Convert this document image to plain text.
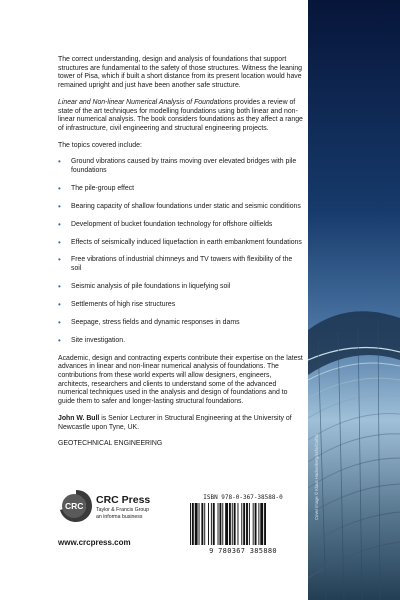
The correct understanding, design and analysis of foundations that support structures are fundamental to the safety of those structures. Witness the leaning tower of Pisa, which if built a short distance from its present location would have remained upright and just have been another safe structure.

Linear and Non-linear Numerical Analysis of Foundations provides a review of state of the art techniques for modelling foundations using both linear and non-linear numerical analysis. The book considers foundations as they affect a range of infrastructure, civil engineering and structural engineering projects.

The topics covered include:

• Ground vibrations caused by trains moving over elevated bridges with pile foundations
• The pile-group effect
• Bearing capacity of shallow foundations under static and seismic conditions
• Development of bucket foundation technology for offshore oilfields
• Effects of seismically induced liquefaction in earth embankment foundations
• Free vibrations of industrial chimneys and TV towers with flexibility of the soil
• Seismic analysis of pile foundations in liquefying soil
• Settlements of high rise structures
• Seepage, stress fields and dynamic responses in dams
• Site investigation.

Academic, design and contracting experts contribute their expertise on the latest advances in linear and non-linear numerical analysis of foundations. The contributions from these world experts will allow designers, engineers, architects, researchers and clients to understand some of the advanced numerical techniques used in the analysis and design of foundations and to guide them to safer and longer-lasting structural foundations.

John W. Bull is Senior Lecturer in Structural Engineering at the University of Newcastle upon Tyne, UK.

GEOTECHNICAL ENGINEERING	Cover image © Klaus Hackenberg/zefa/Corbis
CRC CRC Press
Taylor & Francis Group
an informa business
www.crcpress.com
ISBN 978-0-367-38588-0
9 780367 385880
